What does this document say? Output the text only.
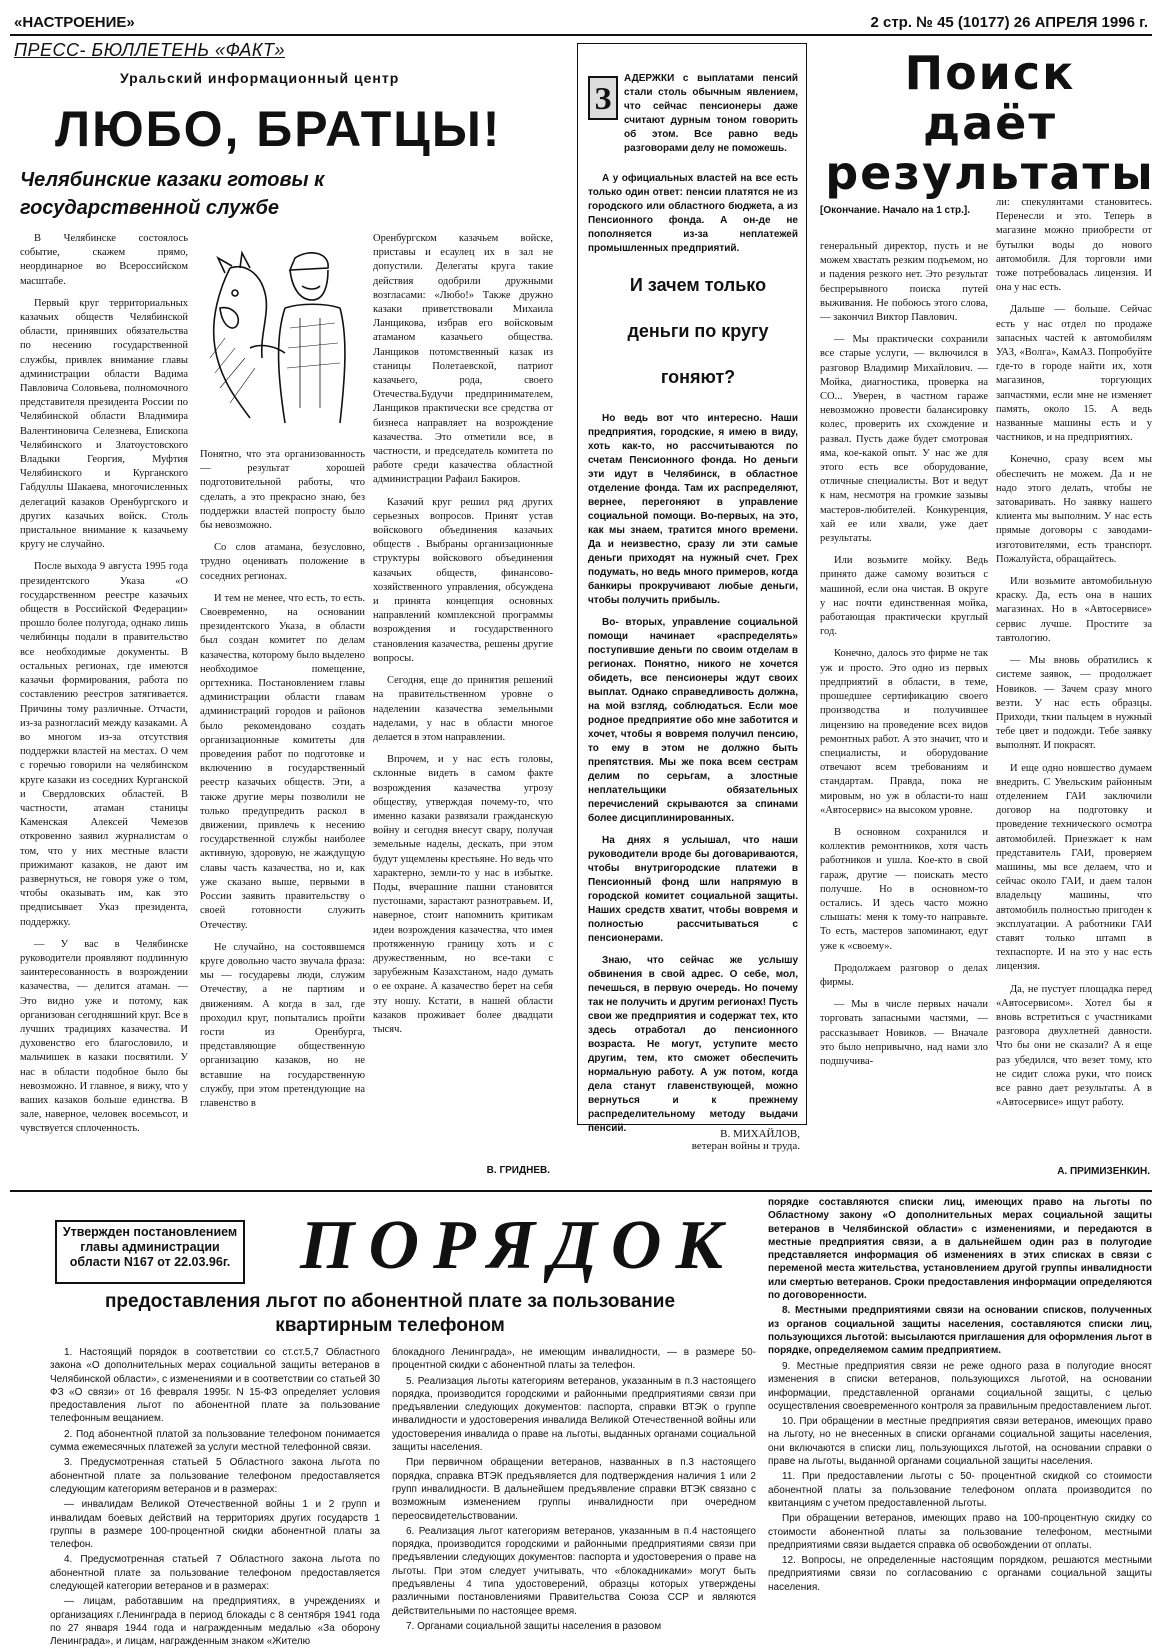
«НАСТРОЕНИЕ»	2 стр. № 45 (10177) 26 АПРЕЛЯ 1996 г.
ПРЕСС- БЮЛЛЕТЕНЬ «ФАКТ»
Уральский информационный центр
ЛЮБО, БРАТЦЫ!
Челябинские казаки готовы к государственной службе

В Челябинске состоялось событие, скажем прямо, неординарное во Всероссийском масштабе.

Первый круг территориальных казачьих обществ Челябинской области, принявших обязательства по несению государственной службы, привлек внимание главы администрации области Вадима Павловича Соловьева, полномочного представителя президента России по Челябинской области Владимира Валентиновича Селезнева, Епископа Челябинского и Златоустовского Владыки Георгия, Муфтия Челябинского и Курганского Габдуллы Шакаева, многочисленных делегаций казаков Оренбургского и других казачьих войск. Столь пристальное внимание к казачьему кругу не случайно.

После выхода 9 августа 1995 года президентского Указа «О государственном реестре казачьих обществ в Российской Федерации» прошло более полугода, однако лишь челябинцы подали в правительство все необходимые документы. В остальных регионах, где имеются казачьи формирования, работа по составлению реестров затягивается. Причины тому различные. Отчасти, из-за разногласий между казаками. А во многом из-за отсутствия поддержки властей на местах. О чем с горечью говорили на челябинском круге казаки из соседних Курганской и Свердловских областей. В частности, атаман станицы Каменская Алексей Чемезов откровенно заявил журналистам о том, что у них местные власти прижимают казаков, не дают им развернуться, не говоря уже о том, чтобы оказывать им, как это предписывает Указ президента, поддержку.

— У вас в Челябинске руководители проявляют подлинную заинтересованность в возрождении казачества, — делится атаман. — Это видно уже и потому, как организован сегодняшний круг. Все в лучших традициях казачества. И духовенство его благословило, и мальчишек в казаки посвятили. У нас в области подобное было бы невозможно. И главное, я вижу, что у ваших казаков больше единства. В зале, наверное, человек восемьсот, и чувствуется сплоченность.

Понятно, что эта организованность — результат хорошей подготовительной работы, что сделать, а это прекрасно знаю, без поддержки властей попросту было бы невозможно.

Со слов атамана, безусловно, трудно оценивать положение в соседних регионах.

И тем не менее, что есть, то есть. Своевременно, на основании президентского Указа, в области был создан комитет по делам казачества, которому было выделено необходимое помещение, оргтехника. Постановлением главы администрации области главам администраций городов и районов было рекомендовано создать организационные комитеты для проведения работ по подготовке и включению в государственный реестр казачьих обществ. Эти, а также другие меры позволили не только предупредить раскол в движении, привлечь к несению государственной службы наиболее активную, здоровую, не жаждущую славы часть казачества, но и, как уже сказано выше, первыми в России заявить правительству о своей готовности служить Отечеству.

Не случайно, на состоявшемся круге довольно часто звучала фраза: мы — государевы люди, служим Отечеству, а не партиям и движениям. А когда в зал, где проходил круг, попытались пройти гости из Оренбурга, представляющие общественную организацию казаков, но не вставшие на государственную службу, при этом претендующие на главенство в

Оренбургском казачьем войске, приставы и есаулец их в зал не допустили. Делегаты круга такие действия одобрили дружными возгласами: «Любо!» Также дружно казаки приветствовали Михаила Ланщикова, избрав его войсковым атаманом казачьего общества. Ланщиков потомственный казак из станицы Полетаевской, патриот казачьего, рода, своего Отечества.Будучи предпринимателем, Ланщиков практически все средства от бизнеса направляет на возрождение казачества. Это отметили все, в частности, и председатель комитета по работе среди казачества областной администрации Рафаил Бакиров.

Казачий круг решил ряд других серьезных вопросов. Принят устав войскового объединения казачьих обществ . Выбраны организационные структуры войскового объединения казачьих обществ, финансово-хозяйственного управления, обсуждена и принята концепция основных направлений комплексной программы возрождения и государственного становления казачества, решены другие вопросы.

Сегодня, еще до принятия решений на правительственном уровне о наделении казачества земельными наделами, у нас в области многое делается в этом направлении.

Впрочем, и у нас есть головы, склонные видеть в самом факте возрождения казачества угрозу обществу, утверждая почему-то, что именно казаки развязали гражданскую войну и сегодня внесут свару, получая земельные наделы, дескать, при этом будут ущемлены крестьяне. Но ведь что характерно, земли-то у нас в избытке. Поды, вчерашние пашни становятся пустошами, зарастают разнотравьем. И, наверное, стоит напомнить критикам идеи возрождения казачества, что имея протяженную границу хоть и с дружественным, но все-таки с зарубежным Казахстаном, надо думать о ее охране. А казачество берет на себя эту ношу. Кстати, в нашей области казаков проживает более двадцати тысяч.

В. ГРИДНЕВ.
З

АДЕРЖКИ с выплатами пенсий стали столь обычным явлением, что сейчас пенсионеры даже считают дурным тоном говорить об этом. Все равно ведь разговорами делу не поможешь.

А у официальных властей на все есть только один ответ: пенсии платятся не из городского или областного бюджета, а из Пенсионного фонда. А он-де не пополняется из-за неплатежей промышленных предприятий.

И зачем только деньги по кругу гоняют?

Но ведь вот что интересно. Наши предприятия, городские, я имею в виду, хоть как-то, но рассчитываются по счетам Пенсионного фонда. Но деньги эти идут в Челябинск, в областное отделение фонда. Там их распределяют, вернее, перегоняют в управление социальной помощи. Во-первых, на это, как мы знаем, тратится много времени. Да и неизвестно, сразу ли эти самые деньги приходят на нужный счет. Грех подумать, но ведь много примеров, когда банкиры прокручивают любые деньги, чтобы получить прибыль.

Во- вторых, управление социальной помощи начинает «распределять» поступившие деньги по своим отделам в регионах. Понятно, никого не хочется обидеть, все пенсионеры ждут своих выплат. Однако справедливость должна, на мой взгляд, соблюдаться. Если мое родное предприятие обо мне заботится и хочет, чтобы я вовремя получил пенсию, то ему в этом не должно быть препятствия. Мы же пока всем сестрам делим по серьгам, а злостные неплательщики обязательных перечислений скрываются за спинами более дисциплинированных.

На днях я услышал, что наши руководители вроде бы договариваются, чтобы внутригородские платежи в Пенсионный фонд шли напрямую в городской комитет социальной защиты. Нашиx средств хватит, чтобы вовремя и полностью рассчитываться с пенсионерами.

Знаю, что сейчас же услышу обвинения в свой адрес. О себе, мол, печешься, в первую очередь. Но почему так не получить и другим регионах! Пусть свои же предприятия и содержат тех, кто здесь отработал до пенсионного возраста. Не могут, уступите место другим, тем, кто сможет обеспечить нормальную работу. А уж потом, когда дела станут главенствующей, можно вернуться и к прежнему распределительному методу выдачи пенсий.	В. МИХАЙЛОВ,
ветеран войны и труда.
Поиск
даёт
результаты

[Окончание. Начало на 1 стр.].

генеральный директор, пусть и не можем хвастать резким подъемом, но и падения резкого нет. Это результат беспрерывного поиска путей выживания. Не побоюсь этого слова, — закончил Виктор Павлович.

— Мы практически сохранили все старые услуги, — включился в разговор Владимир Михайлович. — Мойка, диагностика, проверка на СО... Уверен, в частном гараже невозможно провести балансировку колес, проверить их схождение и развал. Пусть даже будет смотровая яма, кое-какой опыт. У нас же для этого есть все оборудование, отличные специалисты. Вот и ведут к нам, несмотря на громкие зазывы мастеров-любителей. Конкуренция, хай ее или хвали, уже дает результаты.

Или возьмите мойку. Ведь принято даже самому возиться с машиной, если она чистая. В округе у нас почти единственная мойка, работающая практически круглый год.

Конечно, далось это фирме не так уж и просто. Это одно из первых предприятий в области, в теме, прошедшее сертификацию своего производства и получившее лицензию на проведение всех видов ремонтных работ. А это значит, что и специалисты, и оборудование отвечают всем требованиям и стандартам. Правда, пока не мировым, но уж в области-то наш «Автосервис» на высоком уровне.

В основном сохранился и коллектив ремонтников, хотя часть работников и ушла. Кое-кто в свой гараж, другие — поискать место получше. Но в основном-то остались. И здесь часто можно слышать: меня к тому-то направьте. То есть, мастеров запоминают, едут уже к «своему».

Продолжаем разговор о делах фирмы.

— Мы в числе первых начали торговать запасными частями, — рассказывает Новиков. — Вначале это было непривычно, над нами зло подшучива-

ли: спекулянтами становитесь. Перенесли и это. Теперь в магазине можно приобрести от бутылки воды до нового автомобиля. Для торговли ими тоже потребовалась лицензия. И она у нас есть.

Дальше — больше. Сейчас есть у нас отдел по продаже запасных частей к автомобилям УАЗ, «Волга», КамАЗ. Попробуйте где-то в городе найти их, хотя магазинов, торгующих запчастями, если мне не изменяет память, около 15. А ведь названные машины есть и у частников, и на предприятиях.

Конечно, сразу всем мы обеспечить не можем. Да и не надо этого делать, чтобы не затоваривать. Но заявку нашего клиента мы выполним. У нас есть прямые договоры с заводами-изготовителями, есть транспорт. Пожалуйста, обращайтесь.

Или возьмите автомобильную краску. Да, есть она в наших магазинах. Но в «Автосервисе» сервис лучше. Простите за тавтологию.

— Мы вновь обратились к системе заявок, — продолжает Новиков. — Зачем сразу много везти. У нас есть образцы. Приходи, ткни пальцем в нужный тебе цвет и подожди. Тебе заявку выполнят. И покрасят.

И еще одно новшество думаем внедрить. С Увельским районным отделением ГАИ заключили договор на подготовку и проведение технического осмотра автомобилей. Приезжает к нам представитель ГАИ, проверяем машины, мы все делаем, что и сейчас около ГАИ, и даем талон владельцу машины, что автомобиль полностью пригоден к эксплуатации. А работники ГАИ ставят только штамп в техпаспорте. И на это у нас есть лицензия.

Да, не пустует площадка перед «Автосервисом». Хотел бы я вновь встретиться с участниками разговора двухлетней давности. Что бы они не сказали? А я еще раз убедился, что везет тому, кто не сидит сложа руки, что поиск все равно дает результаты. А в «Автосервисе» ищут работу.

А. ПРИМИЗЕНКИН.
Утвержден постановлением главы администрации области N167 от 22.03.96г. ПОРЯДОК
предоставления льгот по абонентной плате за пользование квартирным телефоном

порядке составляются списки лиц, имеющих право на льготы по Областному закону «О дополнительных мерах социальной защиты ветеранов в Челябинской области» с изменениями, и передаются в местные предприятия связи, а в дальнейшем один раз в полугодие представляется информация об изменениях в этих списках в связи с переменой места жительства, установлением другой группы инвалидности или смертью ветеранов. Сроки предоставления информации определяются по договоренности.

8. Местными предприятиями связи на основании списков, полученных из органов социальной защиты населения, составляются списки лиц, пользующихся льготой: высылаются приглашения для оформления льгот в порядке, определяемом самим предприятием.

1. Настоящий порядок в соответствии со ст.ст.5,7 Областного закона «О дополнительных мерах социальной защиты ветеранов в Челябинской области», с изменениями и в соответствии со статьей 30 ФЗ «О связи» от 16 февраля 1995г. N 15-ФЗ определяет условия предоставления льгот по абонентной плате за пользование телефонным вещанием.

2. Под абонентной платой за пользование телефоном понимается сумма ежемесячных платежей за услуги местной телефонной связи.

3. Предусмотренная статьей 5 Областного закона льгота по абонентной плате за пользование телефоном предоставляется следующим категориям ветеранов и в размерах:

— инвалидам Великой Отечественной войны 1 и 2 групп и инвалидам боевых действий на территориях других государств 1 группы в размере 100-процентной скидки абонентной платы за телефон.

4. Предусмотренная статьей 7 Областного закона льгота по абонентной плате за пользование телефоном предоставляется следующей категории ветеранов и в размерах:

— лицам, работавшим на предприятиях, в учреждениях и организациях г.Ленинграда в период блокады с 8 сентября 1941 года по 27 января 1944 года и награжденным медалью «За оборону Ленинграда», и лицам, награжденным знаком «Жителю

блокадного Ленинграда», не имеющим инвалидности, — в размере 50-процентной скидки с абонентной платы за телефон.

5. Реализация льготы категориям ветеранов, указанным в п.3 настоящего порядка, производится городскими и районными предприятиями связи при предъявлении следующих документов: паспорта, справки ВТЭК о группе инвалидности и удостоверения инвалида Великой Отечественной войны или удостоверения инвалида о праве на льготы, выданных органами социальной защиты населения.

При первичном обращении ветеранов, названных в п.3 настоящего порядка, справка ВТЭК предъявляется для подтверждения наличия 1 или 2 групп инвалидности. В дальнейшем предъявление справки ВТЭК связано с возможным изменением группы инвалидности при очередном переосвидетельствовании.

6. Реализация льгот категориям ветеранов, указанным в п.4 настоящего порядка, производится городскими и районными предприятиями связи при предъявлении следующих документов: паспорта и удостоверения о праве на льготы. При этом следует учитывать, что «блокадниками» могут быть предъявлены 4 типа удостоверений, образцы которых утверждены различными постановлениями Правительства Союза ССР и являются действительными по настоящее время.

7. Органами социальной защиты населения в разовом

9. Местные предприятия связи не реже одного раза в полугодие вносят изменения в списки ветеранов, пользующихся льготой, на основании информации, представленной органами социальной защиты, с целью осуществления своевременного контроля за правильным предоставлением льгот.

10. При обращении в местные предприятия связи ветеранов, имеющих право на льготу, но не внесенных в списки органами социальной защиты населения, они включаются в списки лиц, пользующихся льготой, на основании справки о праве на льготы, выданной органами социальной защиты населения.

11. При предоставлении льготы с 50- процентной скидкой со стоимости абонентной платы за пользование телефоном оплата производится по квитанциям с учетом предоставленной льготы.

При обращении ветеранов, имеющих право на 100-процентную скидку со стоимости абонентной платы за пользование телефоном, местными предприятиями связи выдается справка об освобождении от оплаты.

12. Вопросы, не определенные настоящим порядком, решаются местными предприятиями связи по согласованию с органами социальной защиты населения.
